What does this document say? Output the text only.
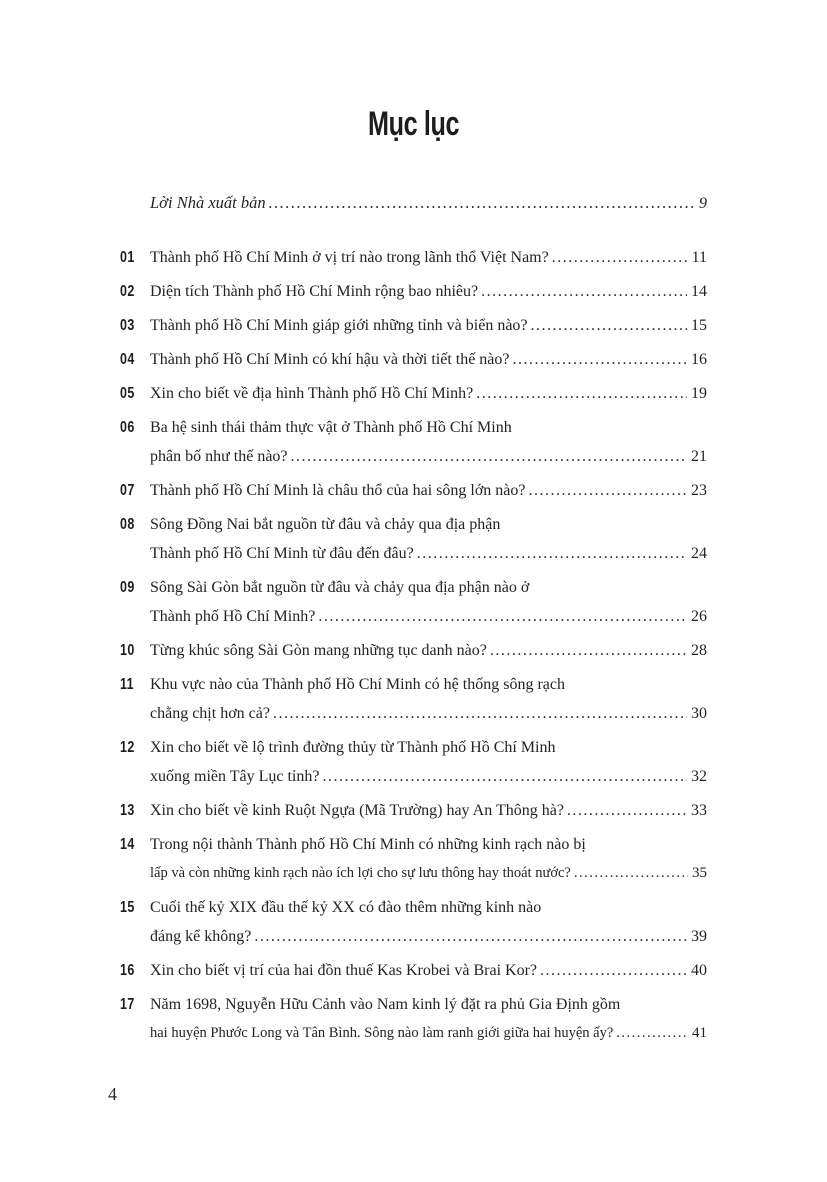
Mục lục
Lời Nhà xuất bản .....	9
01 Thành phố Hồ Chí Minh ở vị trí nào trong lãnh thổ Việt Nam? .....	11
02 Diện tích Thành phố Hồ Chí Minh rộng bao nhiêu? .....	14
03 Thành phố Hồ Chí Minh giáp giới những tỉnh và biển nào? .....	15
04 Thành phố Hồ Chí Minh có khí hậu và thời tiết thế nào? .....	16
05 Xin cho biết về địa hình Thành phố Hồ Chí Minh? .....	19
06 Ba hệ sinh thái thảm thực vật ở Thành phố Hồ Chí Minh
phân bố như thế nào? .....	21
07 Thành phố Hồ Chí Minh là châu thổ của hai sông lớn nào? .....	23
08 Sông Đồng Nai bắt nguồn từ đâu và chảy qua địa phận
Thành phố Hồ Chí Minh từ đâu đến đâu? .....	24
09 Sông Sài Gòn bắt nguồn từ đâu và chảy qua địa phận nào ở
Thành phố Hồ Chí Minh? .....	26
10 Từng khúc sông Sài Gòn mang những tục danh nào? .....	28
11	Khu vực nào của Thành phố Hồ Chí Minh có hệ thống sông rạch
chằng chịt hơn cả? .....	30
12 Xin cho biết về lộ trình đường thủy từ Thành phố Hồ Chí Minh
xuống miền Tây Lục tỉnh? .....	32
13 Xin cho biết về kinh Ruột Ngựa (Mã Trường) hay An Thông hà? .....	33
14 Trong nội thành Thành phố Hồ Chí Minh có những kinh rạch nào bị
lấp và còn những kinh rạch nào ích lợi cho sự lưu thông hay thoát nước? .....	35
15 Cuối thế kỷ XIX đầu thế kỷ XX có đào thêm những kinh nào
đáng kể không? .....	39
16 Xin cho biết vị trí của hai đồn thuế Kas Krobei và Brai Kor? .....	40
17 Năm 1698, Nguyễn Hữu Cảnh vào Nam kinh lý đặt ra phủ Gia Định gồm
hai huyện Phước Long và Tân Bình. Sông nào làm ranh giới giữa hai huyện ấy? .....	41
4
